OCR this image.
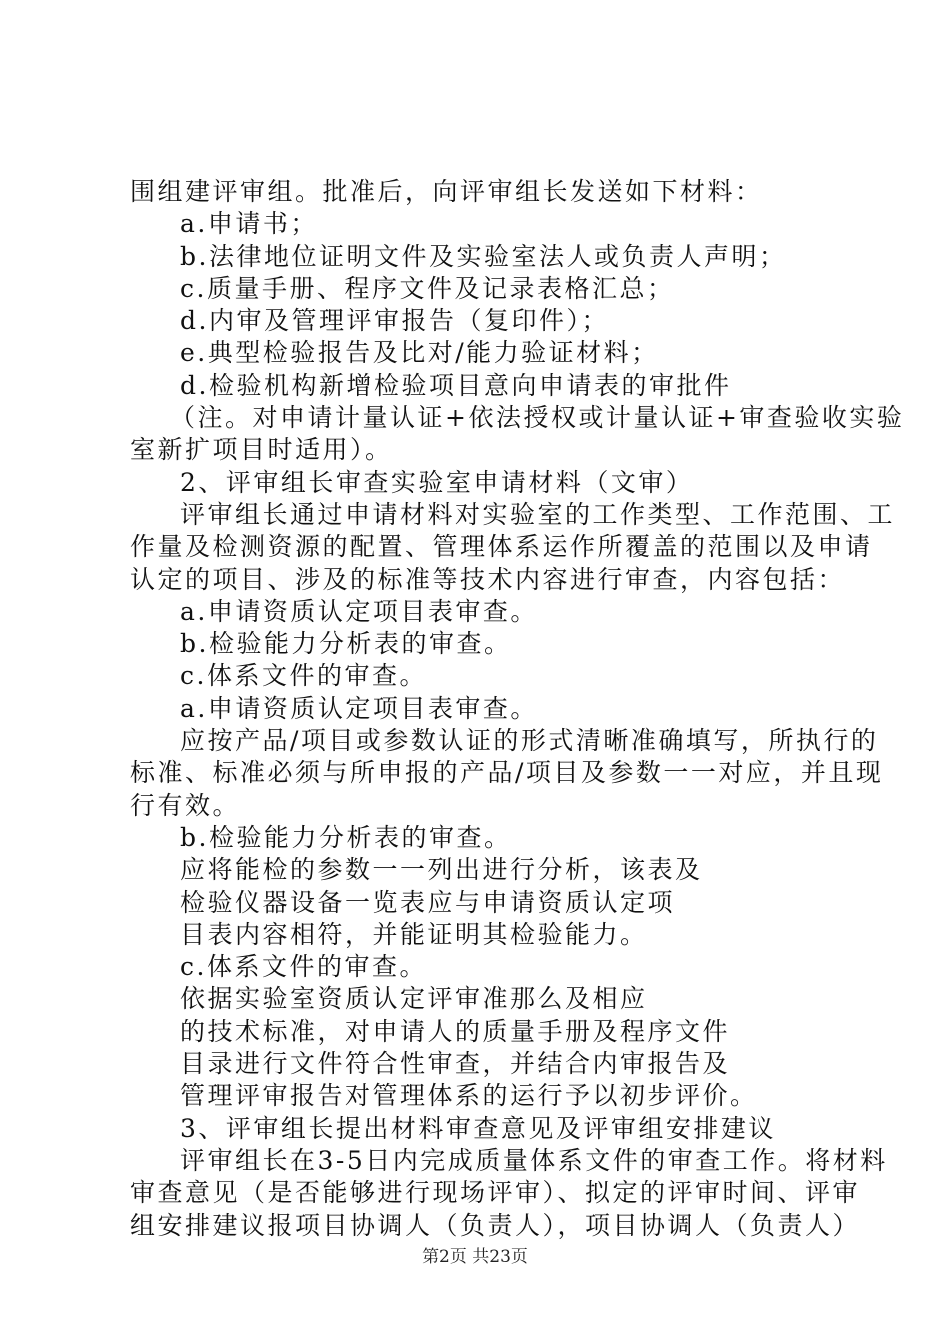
围组建评审组。批准后，向评审组长发送如下材料：
a.申请书；
b.法律地位证明文件及实验室法人或负责人声明；
c.质量手册、程序文件及记录表格汇总；
d.内审及管理评审报告（复印件）；
e.典型检验报告及比对/能力验证材料；
d.检验机构新增检验项目意向申请表的审批件
（注。对申请计量认证+依法授权或计量认证+审查验收实验
室新扩项目时适用）。
2、评审组长审查实验室申请材料（文审）
评审组长通过申请材料对实验室的工作类型、工作范围、工
作量及检测资源的配置、管理体系运作所覆盖的范围以及申请
认定的项目、涉及的标准等技术内容进行审查，内容包括：
a.申请资质认定项目表审查。
b.检验能力分析表的审查。
c.体系文件的审查。
a.申请资质认定项目表审查。
应按产品/项目或参数认证的形式清晰准确填写，所执行的
标准、标准必须与所申报的产品/项目及参数一一对应，并且现
行有效。
b.检验能力分析表的审查。
应将能检的参数一一列出进行分析，该表及
检验仪器设备一览表应与申请资质认定项
目表内容相符，并能证明其检验能力。
c.体系文件的审查。
依据实验室资质认定评审准那么及相应
的技术标准，对申请人的质量手册及程序文件
目录进行文件符合性审查，并结合内审报告及
管理评审报告对管理体系的运行予以初步评价。
3、评审组长提出材料审查意见及评审组安排建议
评审组长在3-5日内完成质量体系文件的审查工作。将材料
审查意见（是否能够进行现场评审）、拟定的评审时间、评审
组安排建议报项目协调人（负责人），项目协调人（负责人）
第2页 共23页
